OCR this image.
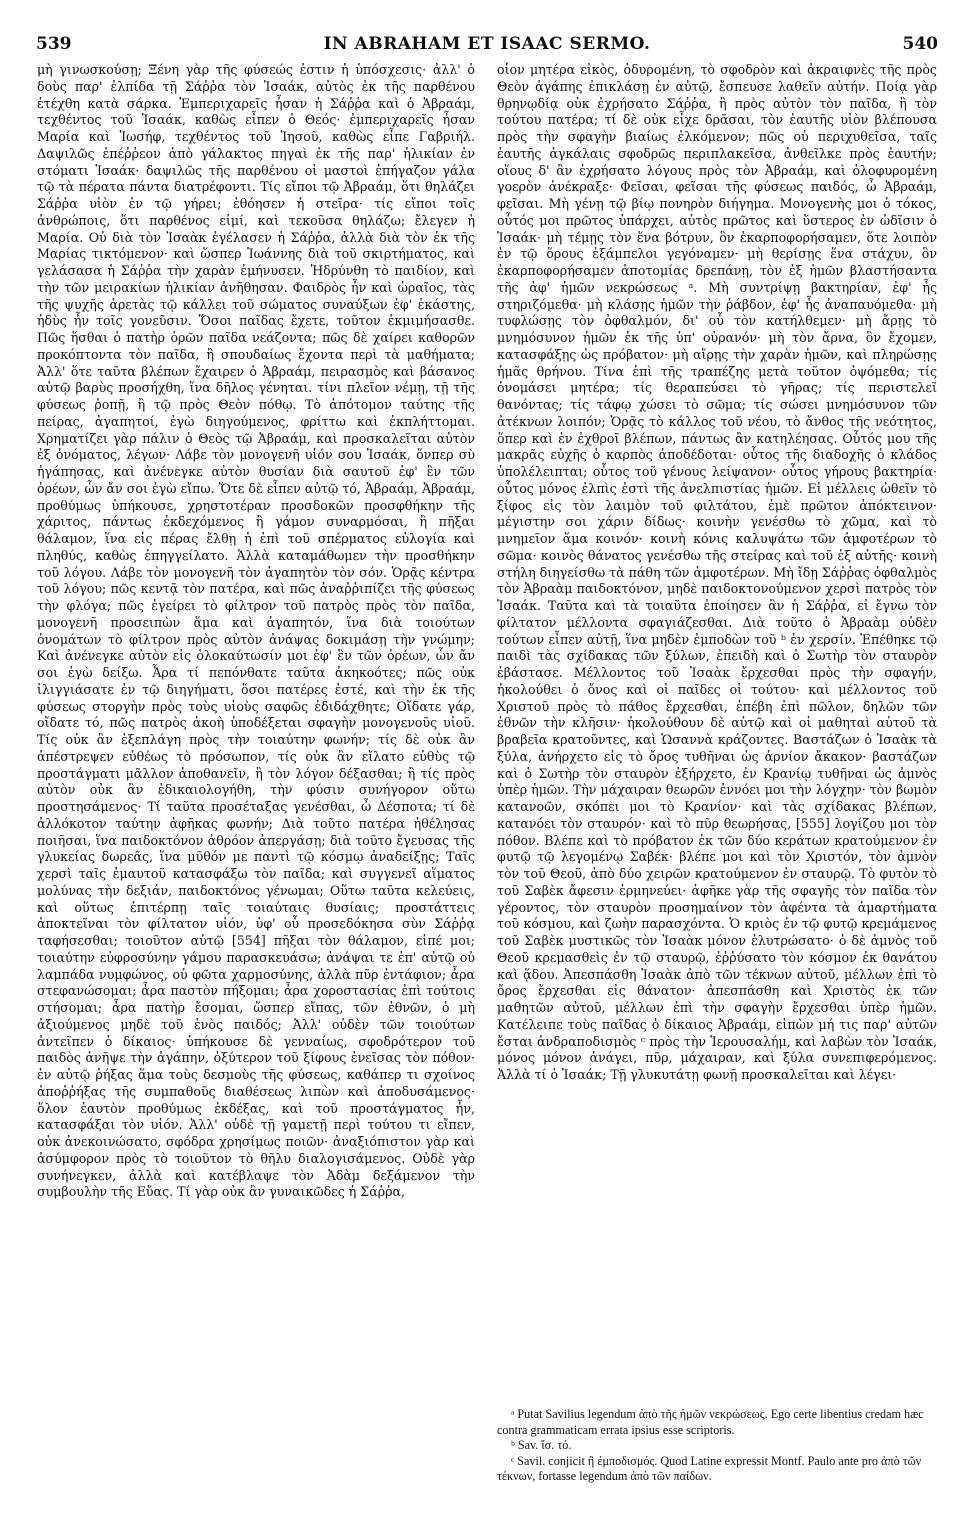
539	IN ABRAHAM ET ISAAC SERMO.	540

μὴ γινωσκούσῃ; Ξένη γὰρ τῆς φύσεώς ἐστιν ἡ ὑπόσχεσις· ἀλλ' ὁ δοὺς παρ' ἐλπίδα τῇ Σάῤῥα τὸν Ἰσαάκ, αὐτὸς ἐκ τῆς παρθένου ἐτέχθη κατὰ σάρκα. Ἐμπεριχαρεῖς ἦσαν ἡ Σάῤῥα καὶ ὁ Ἀβραάμ, τεχθέντος τοῦ Ἰσαάκ, καθὼς εἶπεν ὁ Θεός· ἐμπεριχαρεῖς ἦσαν Μαρία καὶ Ἰωσήφ, τεχθέντος τοῦ Ἰησοῦ, καθὼς εἶπε Γαβριήλ. Δαψιλῶς ἐπέῤῥεον ἀπὸ γάλακτος πηγαὶ ἐκ τῆς παρ' ἡλικίαν ἐν στόματι Ἰσαάκ· δαψιλῶς τῆς παρθένου οἱ μαστοὶ ἐπήγαζον γάλα τῷ τὰ πέρατα πάντα διατρέφοντι. Τίς εἴποι τῷ Ἀβραάμ, ὅτι θηλάζει Σάῤῥα υἱὸν ἐν τῷ γήρει; ἐθόησεν ἡ στεῖρα· τίς εἴποι τοῖς ἀνθρώποις, ὅτι παρθένος εἰμί, καὶ τεκοῦσα θηλάζω; ἔλεγεν ἡ Μαρία. Οὐ διὰ τὸν Ἰσαὰκ ἐγέλασεν ἡ Σάῤῥα, ἀλλὰ διὰ τὸν ἐκ τῆς Μαρίας τικτόμενον· καὶ ὥσπερ Ἰωάννης διὰ τοῦ σκιρτήματος, καὶ γελάσασα ἡ Σάῤῥα τὴν χαρὰν ἐμήνυσεν. Ἠδρύνθη τὸ παιδίον, καὶ τὴν τῶν μειρακίων ἡλικίαν ἀνῆθησαν. Φαιδρὸς ἦν καὶ ὡραῖος, τὰς τῆς ψυχῆς ἀρετὰς τῷ κάλλει τοῦ σώματος συναύξων ἐφ' ἑκάστης, ἡδὺς ἦν τοῖς γονεῦσιν. Ὅσοι παῖδας ἔχετε, τοῦτον ἐκμιμήσασθε. Πῶς ἥσθαι ὁ πατὴρ ὁρῶν παῖδα νεάζοντα; πῶς δὲ χαίρει καθορῶν προκόπτοντα τὸν παῖδα, ἢ σπουδαίως ἔχοντα περὶ τὰ μαθήματα; Ἀλλ' ὅτε ταῦτα βλέπων ἔχαιρεν ὁ Ἀβραάμ, πειρασμὸς καὶ βάσανος αὐτῷ βαρὺς προσήχθη, ἵνα δῆλος γένηται. τίνι πλεῖον νέμῃ, τῇ τῆς φύσεως ῥοπῇ, ἢ τῷ πρὸς Θεὸν πόθῳ. Τὸ ἀπότομον ταύτης τῆς πείρας, ἀγαπητοί, ἐγὼ διηγούμενος, φρίττω καὶ ἐκπλήττομαι. Χρηματίζει γὰρ πάλιν ὁ Θεὸς τῷ Ἀβραάμ, καὶ προσκαλεῖται αὐτὸν ἐξ ὀνόματος, λέγων· Λάβε τὸν μονογενῆ υἱόν σου Ἰσαάκ, ὅνπερ σὺ ἠγάπησας, καὶ ἀνένεγκε αὐτὸν θυσίαν διὰ σαυτοῦ ἐφ' ἓν τῶν ὀρέων, ὧν ἄν σοι ἐγὼ εἴπω. Ὅτε δὲ εἶπεν αὐτῷ τό, Ἀβραάμ, Ἀβραάμ, προθύμως ὑπήκουσε, χρηστοτέραν προσδοκῶν προσφθήκην τῆς χάριτος, πάντως ἐκδεχόμενος ἢ γάμον συναρμόσαι, ἢ πῆξαι θάλαμον, ἵνα εἰς πέρας ἔλθῃ ἡ ἐπὶ τοῦ σπέρματος εὐλογία καὶ πληθύς, καθὼς ἐπηγγείλατο. Ἀλλὰ καταμάθωμεν τὴν προσθήκην τοῦ λόγου. Λάβε τὸν μονογενῆ τὸν ἀγαπητὸν τὸν σόν. Ὁρᾷς κέντρα τοῦ λόγου; πῶς κεντᾷ τὸν πατέρα, καὶ πῶς ἀναῤῥιπίζει τῆς φύσεως τὴν φλόγα; πῶς ἐγείρει τὸ φίλτρον τοῦ πατρὸς πρὸς τὸν παῖδα, μονογενῆ προσειπὼν ἅμα καὶ ἀγαπητόν, ἵνα διὰ τοιούτων ὀνομάτων τὸ φίλτρον πρὸς αὐτὸν ἀνάψας δοκιμάσῃ τὴν γνώμην; Καὶ ἀνένεγκε αὐτὸν εἰς ὁλοκαύτωσίν μοι ἐφ' ἓν τῶν ὀρέων, ὧν ἄν σοι ἐγὼ δείξω. Ἆρα τί πεπόνθατε ταῦτα ἀκηκοότες; πῶς οὐκ ἰλιγγιάσατε ἐν τῷ διηγήματι, ὅσοι πατέρες ἐστέ, καὶ τὴν ἐκ τῆς φύσεως στοργὴν πρὸς τοὺς υἱοὺς σαφῶς ἐδιδάχθητε; Οἴδατε γάρ, οἴδατε τό, πῶς πατρὸς ἀκοὴ ὑποδέξεται σφαγὴν μονογενοῦς υἱοῦ. Τίς οὐκ ἂν ἐξεπλάγη πρὸς τὴν τοιαύτην φωνήν; τίς δὲ οὐκ ἂν ἀπέστρεψεν εὐθέως τὸ πρόσωπον, τίς οὐκ ἂν εἴλατο εὐθὺς τῷ προστάγματι μᾶλλον ἀποθανεῖν, ἢ τὸν λόγον δέξασθαι; ἢ τίς πρὸς αὐτὸν οὐκ ἂν ἐδικαιολογήθη, τὴν φύσιν συνήγορον οὕτω προστησάμενος· Τί ταῦτα προσέταξας γενέσθαι, ὦ Δέσποτα; τί δὲ ἀλλόκοτον ταύτην ἀφῆκας φωνήν; Διὰ τοῦτο πατέρα ἠθέλησας ποιῆσαι, ἵνα παιδοκτόνον ἀθρόον ἀπεργάσῃ; διὰ τοῦτο ἔγευσας τῆς γλυκείας δωρεᾶς, ἵνα μῦθόν με παντὶ τῷ κόσμῳ ἀναδείξῃς; Ταῖς χερσὶ ταῖς ἐμαυτοῦ κατασφάξω τὸν παῖδα; καὶ συγγενεῖ αἵματος μολύνας τὴν δεξιάν, παιδοκτόνος γένωμαι; Οὕτω ταῦτα κελεύεις, καὶ οὕτως ἐπιτέρπῃ ταῖς τοιαύταις θυσίαις; προστάττεις ἀποκτεῖναι τὸν φίλτατον υἱόν, ὑφ' οὗ προσεδόκησα σὺν Σάῤῥᾳ ταφήσεσθαι; τοιοῦτον αὐτῷ [554] πῆξαι τὸν θάλαμον, εἰπέ μοι; τοιαύτην εὐφροσύνην γάμου παρασκευάσω; ἀνάψαι τε ἐπ' αὐτῷ οὐ λαμπάδα νυμφώνος, οὐ φῶτα χαρμοσύνης, ἀλλὰ πῦρ ἐντάφιον; ἆρα στεφανώσομαι; ἆρα παστὸν πήξομαι; ἆρα χοροστασίας ἐπὶ τούτοις στήσομαι; ἆρα πατὴρ ἔσομαι, ὥσπερ εἴπας, τῶν ἐθνῶν, ὁ μὴ ἀξιούμενος μηδὲ τοῦ ἑνὸς παιδός; Ἀλλ' οὐδὲν τῶν τοιούτων ἀντεῖπεν ὁ δίκαιος· ὑπήκουσε δὲ γενναίως, σφοδρότερον τοῦ παιδὸς ἀνῆψε τὴν ἀγάπην, ὀξύτερον τοῦ ξίφους ἐνεῖσας τὸν πόθον· ἐν αὐτῷ ῥήξας ἅμα τοὺς δεσμοὺς τῆς φύσεως, καθάπερ τι σχοίνος ἀποῤῥήξας τῆς συμπαθοῦς διαθέσεως λιπὼν καὶ ἀποδυσάμενος· ὅλον ἑαυτὸν προθύμως ἐκδέξας, καὶ τοῦ προστάγματος ἦν, κατασφάξαι τὸν υἱόν. Ἀλλ' οὐδὲ τῇ γαμετῇ περὶ τούτου τι εἴπεν, οὐκ ἀνεκοινώσατο, σφόδρα χρησίμως ποιῶν· ἀναξιόπιστον γὰρ καὶ ἀσύμφορον πρὸς τὸ τοιοῦτον τὸ θῆλυ διαλογισάμενος. Οὐδὲ γὰρ συνήνεγκεν, ἀλλὰ καὶ κατέβλαψε τὸν Ἀδὰμ δεξάμενον τὴν συμβουλὴν τῆς Εὔας. Τί γὰρ οὐκ ἂν γυναικῶδες ἡ Σάῤῥα,

οἷον μητέρα εἰκὸς, ὀδυρομένη, τὸ σφοδρὸν καὶ ἀκραιφνὲς τῆς πρὸς Θεὸν ἀγάπης ἐπικλάσῃ ἐν αὐτῷ, ἔσπευσε λαθεῖν αὐτήν. Ποίᾳ γὰρ θρηνῳδίᾳ οὐκ ἐχρήσατο Σάῤῥα, ἢ πρὸς αὐτὸν τὸν παῖδα, ἢ τὸν τούτου πατέρα; τί δὲ οὐκ εἶχε δρᾶσαι, τὸν ἑαυτῆς υἱὸν βλέπουσα πρὸς τὴν σφαγὴν βιαίως ἑλκόμενον; πῶς οὐ περιχυθεῖσα, ταῖς ἑαυτῆς ἀγκάλαις σφοδρῶς περιπλακεῖσα, ἀνθεῖλκε πρὸς ἑαυτήν; οἵους δ' ἂν ἐχρήσατο λόγους πρὸς τὸν Ἀβραάμ, καὶ ὀλοφυρομένη γοερὸν ἀνέκραξε· Φεῖσαι, φεῖσαι τῆς φύσεως παιδός, ὦ Ἀβραάμ, φεῖσαι. Μὴ γένῃ τῷ βίῳ πονηρὸν διήγημα. Μονογενὴς μοι ὁ τόκος, οὗτός μοι πρῶτος ὑπάρχει, αὐτὸς πρῶτος καὶ ὕστερος ἐν ὠδῖσιν ὁ Ἰσαάκ· μὴ τέμῃς τὸν ἕνα βότρυν, ὃν ἐκαρποφορήσαμεν, ὅτε λοιπὸν ἐν τῷ ὅρους ἐξάμπελοι γεγόναμεν· μὴ θερίσῃς ἕνα στάχυν, ὃν ἐκαρποφορήσαμεν ἀποτομίας δρεπάνῃ, τὸν ἐξ ἡμῶν βλαστήσαντα τῆς ἀφ' ἡμῶν νεκρώσεως ᵃ. Μὴ συντρίψῃ βακτηρίαν, ἐφ' ἧς στηριζόμεθα· μὴ κλάσῃς ἡμῶν τὴν ῥάβδον, ἐφ' ἧς ἀναπαυόμεθα· μὴ τυφλώσῃς τὸν ὀφθαλμόν, δι' οὗ τὸν κατήλθεμεν· μὴ ἄρῃς τὸ μνημόσυνον ἡμῶν ἐκ τῆς ὑπ' οὐρανόν· μὴ τὸν ἄρνα, ὃν ἔχομεν, κατασφάξῃς ὡς πρόβατον· μὴ αἴρῃς τὴν χαρὰν ἡμῶν, καὶ πληρώσῃς ἡμᾶς θρήνου. Τίνα ἐπὶ τῆς τραπέζης μετὰ τοῦτον ὀψόμεθα; τίς ὀνομάσει μητέρα; τίς θεραπεύσει τὸ γῆρας; τίς περιστελεῖ θανόντας; τίς τάφῳ χώσει τὸ σῶμα; τίς σώσει μνημόσυνον τῶν ἀτέκνων λοιπόν; Ὁρᾷς τὸ κάλλος τοῦ νέου, τὸ ἄνθος τῆς νεότητος, ὅπερ καὶ ἐν ἐχθροῖ βλέπων, πάντως ἂν κατηλέησας. Οὗτός μου τῆς μακρᾶς εὐχῆς ὁ καρπὸς ἀποδέδοται· οὗτος τῆς διαδοχῆς ὁ κλάδος ὑπολέλειπται; οὗτος τοῦ γένους λείψανον· οὗτος γήρους βακτηρία· οὗτος μόνος ἐλπὶς ἐστὶ τῆς ἀνελπιστίας ἡμῶν. Εἰ μέλλεις ὠθεῖν τὸ ξίφος εἰς τὸν λαιμὸν τοῦ φιλτάτου, ἐμὲ πρῶτον ἀπόκτεινον· μέγιστην σοι χάριν δίδως· κοινὴν γενέσθω τὸ χῶμα, καὶ τὸ μνημεῖον ἅμα κοινόν· κοινὴ κόνις καλυψάτω τῶν ἀμφοτέρων τὸ σῶμα· κοινὸς θάνατος γενέσθω τῆς στείρας καὶ τοῦ ἐξ αὐτῆς· κοινὴ στήλη διηγείσθω τὰ πάθη τῶν ἀμφοτέρων. Μὴ ἴδῃ Σάῤῥας ὀφθαλμὸς τὸν Ἀβραὰμ παιδοκτόνον, μηδὲ παιδοκτονούμενον χερσὶ πατρὸς τὸν Ἰσαάκ. Ταῦτα καὶ τὰ τοιαῦτα ἐποίησεν ἂν ἡ Σάῤῥα, εἰ ἔγνω τὸν φίλτατον μέλλοντα σφαγιάζεσθαι. Διὰ τοῦτο ὁ Ἀβραὰμ οὐδὲν τούτων εἶπεν αὐτῇ, ἵνα μηδὲν ἐμποδὼν τοῦ ᵇ ἐν χερσίν. Ἐπέθηκε τῷ παιδὶ τὰς σχίδακας τῶν ξύλων, ἐπειδὴ καὶ ὁ Σωτὴρ τὸν σταυρὸν ἐβάστασε. Μέλλοντος τοῦ Ἰσαὰκ ἔρχεσθαι πρὸς τὴν σφαγήν, ἠκολούθει ὁ ὄνος καὶ οἱ παῖδες οἱ τούτου· καὶ μέλλοντος τοῦ Χριστοῦ πρὸς τὸ πάθος ἔρχεσθαι, ἐπέβη ἐπὶ πῶλον, δηλῶν τῶν ἐθνῶν τὴν κλῆσιν· ἠκολούθουν δὲ αὐτῷ καὶ οἱ μαθηταὶ αὐτοῦ τὰ βραβεῖα κρατοῦντες, καὶ Ὡσαννὰ κράζοντες. Βαστάζων ὁ Ἰσαὰκ τὰ ξύλα, ἀνήρχετο εἰς τὸ ὄρος τυθῆναι ὡς ἀρνίον ἄκακον· βαστάζων καὶ ὁ Σωτὴρ τὸν σταυρὸν ἐξήρχετο, ἐν Κρανίῳ τυθῆναι ὡς ἀμνὸς ὑπὲρ ἡμῶν. Τὴν μάχαιραν θεωρῶν ἐννόει μοι τὴν λόγχην· τὸν βωμὸν κατανοῶν, σκόπει μοι τὸ Κρανίον· καὶ τὰς σχίδακας βλέπων, κατανόει τὸν σταυρόν· καὶ τὸ πῦρ θεωρήσας, [555] λογίζου μοι τὸν πόθον. Βλέπε καὶ τὸ πρόβατον ἐκ τῶν δύο κεράτων κρατούμενον ἐν φυτῷ τῷ λεγομένῳ Σαβέκ· βλέπε μοι καὶ τὸν Χριστόν, τὸν ἀμνὸν τὸν τοῦ Θεοῦ, ἀπὸ δύο χειρῶν κρατούμενον ἐν σταυρῷ. Τὸ φυτὸν τὸ τοῦ Σαβὲκ ἄφεσιν ἑρμηνεύει· ἀφῆκε γὰρ τῆς σφαγῆς τὸν παῖδα τὸν γέροντος, τὸν σταυρὸν προσημαίνον τὸν ἀφέντα τὰ ἁμαρτήματα τοῦ κόσμου, καὶ ζωὴν παρασχόντα. Ὁ κριὸς ἐν τῷ φυτῷ κρεμάμενος τοῦ Σαβὲκ μυστικῶς τὸν Ἰσαὰκ μόνον ἐλυτρώσατο· ὁ δὲ ἀμνὸς τοῦ Θεοῦ κρεμασθεὶς ἐν τῷ σταυρῷ, ἐῤῥύσατο τὸν κόσμον ἐκ θανάτου καὶ ᾅδου. Ἀπεσπάσθη Ἰσαὰκ ἀπὸ τῶν τέκνων αὐτοῦ, μέλλων ἐπὶ τὸ ὄρος ἔρχεσθαι εἰς θάνατον· ἀπεσπάσθη καὶ Χριστὸς ἐκ τῶν μαθητῶν αὐτοῦ, μέλλων ἐπὶ τὴν σφαγὴν ἔρχεσθαι ὑπὲρ ἡμῶν. Κατέλειπε τοὺς παῖδας ὁ δίκαιος Ἀβραάμ, εἰπὼν μή τις παρ' αὐτῶν ἔσται ἀνδραποδισμὸς ᶜ πρὸς τὴν Ἱερουσαλήμ, καὶ λαβὼν τὸν Ἰσαάκ, μόνος μόνον ἀνάγει, πῦρ, μάχαιραν, καὶ ξύλα συνεπιφερόμενος. Ἀλλὰ τί ὁ Ἰσαάκ; Τῇ γλυκυτάτῃ φωνῇ προσκαλεῖται καὶ λέγει·

ᵃ Putat Savilius legendum ἀπὸ τῆς ἡμῶν νεκρώσεως. Ego certe libentius credam hæc contra grammaticam errata ipsius esse scriptoris.

ᵇ Sav. ἴσ. τό.

ᶜ Savil. conjicit ἢ ἐμποδισμός. Quod Latine expressit Montf. Paulo ante pro ἀπὸ τῶν τέκνων, fortasse legendum ἀπὸ τῶν παίδων.
